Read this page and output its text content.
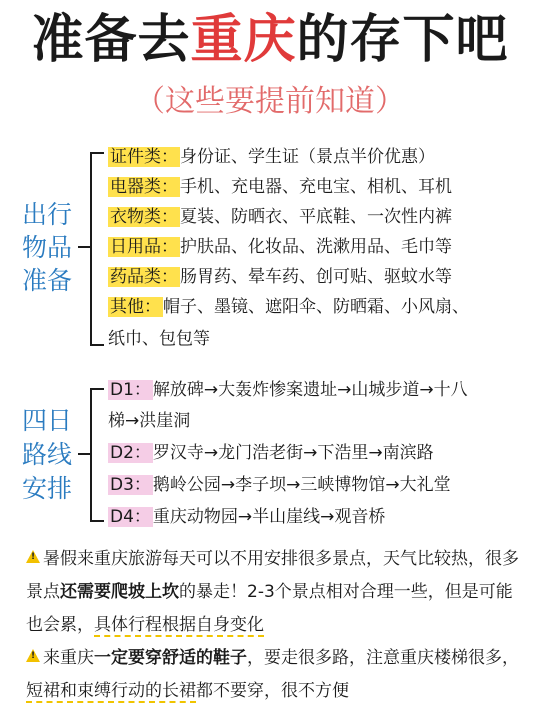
准备去重庆的存下吧
（这些要提前知道）
出行
物品
准备
证件类： 身份证、学生证（景点半价优惠）
电器类： 手机、充电器、充电宝、相机、耳机
衣物类： 夏装、防晒衣、平底鞋、一次性内裤
日用品： 护肤品、化妆品、洗漱用品、毛巾等
药品类： 肠胃药、晕车药、创可贴、驱蚊水等
其他： 帽子、墨镜、遮阳伞、防晒霜、小风扇、
纸巾、包包等
四日
路线
安排
D1： 解放碑→大轰炸惨案遗址→山城步道→十八
梯→洪崖洞
D2： 罗汉寺→龙门浩老街→下浩里→南滨路
D3： 鹅岭公园→李子坝→三峡博物馆→大礼堂
D4： 重庆动物园→半山崖线→观音桥
!暑假来重庆旅游每天可以不用安排很多景点，天气比较热，很多景点还需要爬坡上坎的暴走！2-3个景点相对合理一些，但是可能也会累，具体行程根据自身变化
!来重庆一定要穿舒适的鞋子，要走很多路，注意重庆楼梯很多，短裙和束缚行动的长裙都不要穿，很不方便
